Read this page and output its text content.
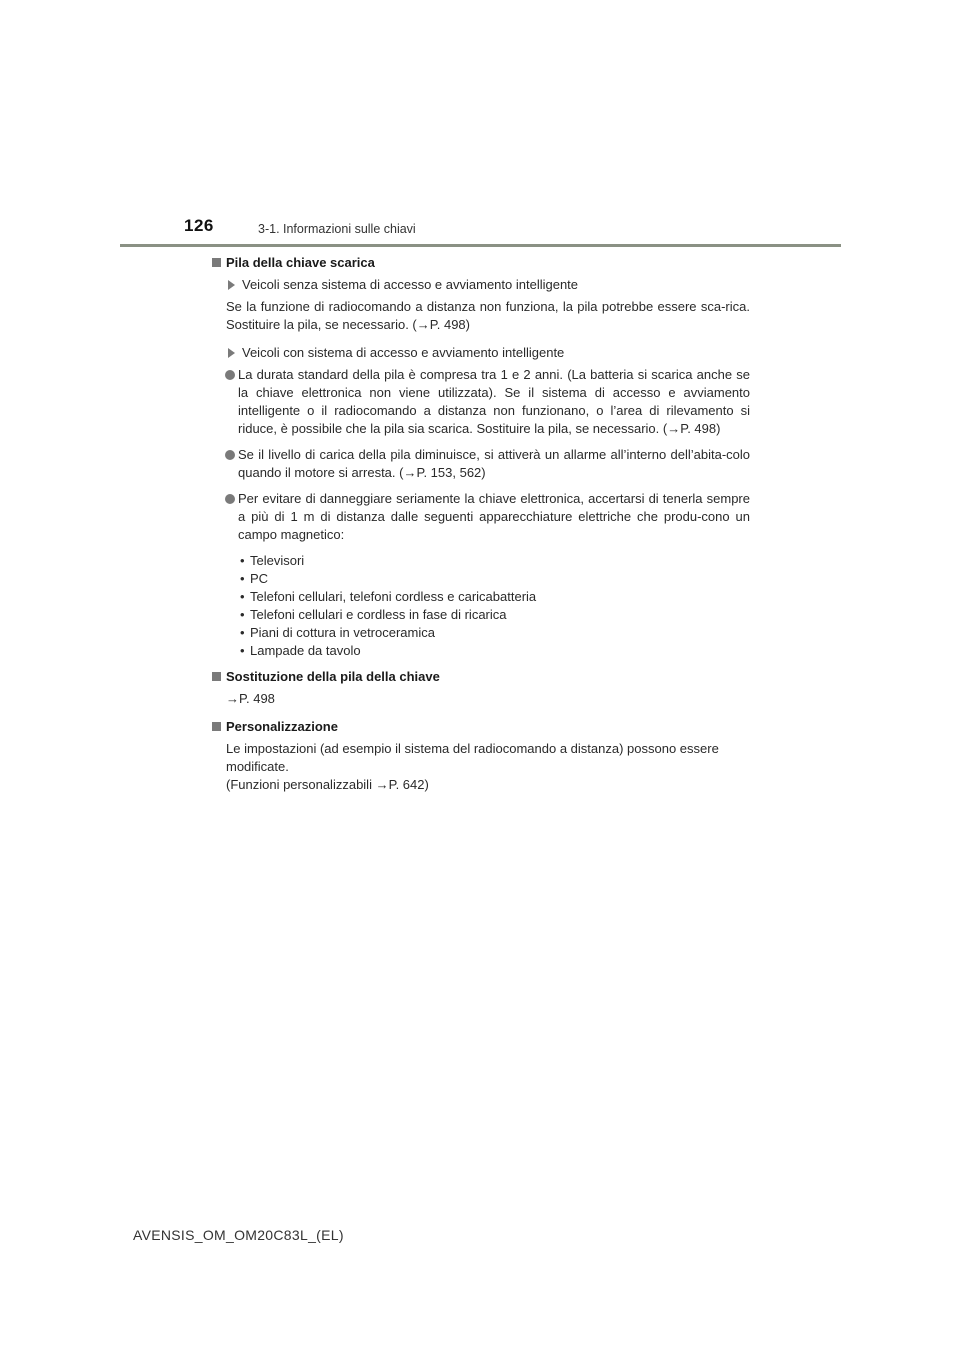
126	3-1. Informazioni sulle chiavi
Pila della chiave scarica
Veicoli senza sistema di accesso e avviamento intelligente
Se la funzione di radiocomando a distanza non funziona, la pila potrebbe essere sca-rica. Sostituire la pila, se necessario. (→P. 498)
Veicoli con sistema di accesso e avviamento intelligente
La durata standard della pila è compresa tra 1 e 2 anni. (La batteria si scarica anche se la chiave elettronica non viene utilizzata). Se il sistema di accesso e avviamento intelligente o il radiocomando a distanza non funzionano, o l’area di rilevamento si riduce, è possibile che la pila sia scarica. Sostituire la pila, se necessario. (→P. 498)
Se il livello di carica della pila diminuisce, si attiverà un allarme all’interno dell’abita-colo quando il motore si arresta. (→P. 153, 562)
Per evitare di danneggiare seriamente la chiave elettronica, accertarsi di tenerla sempre a più di 1 m di distanza dalle seguenti apparecchiature elettriche che produ-cono un campo magnetico:
• Televisori
• PC
• Telefoni cellulari, telefoni cordless e caricabatteria
• Telefoni cellulari e cordless in fase di ricarica
• Piani di cottura in vetroceramica
• Lampade da tavolo
Sostituzione della pila della chiave
→P. 498
Personalizzazione
Le impostazioni (ad esempio il sistema del radiocomando a distanza) possono essere modificate.
(Funzioni personalizzabili →P. 642)
AVENSIS_OM_OM20C83L_(EL)
